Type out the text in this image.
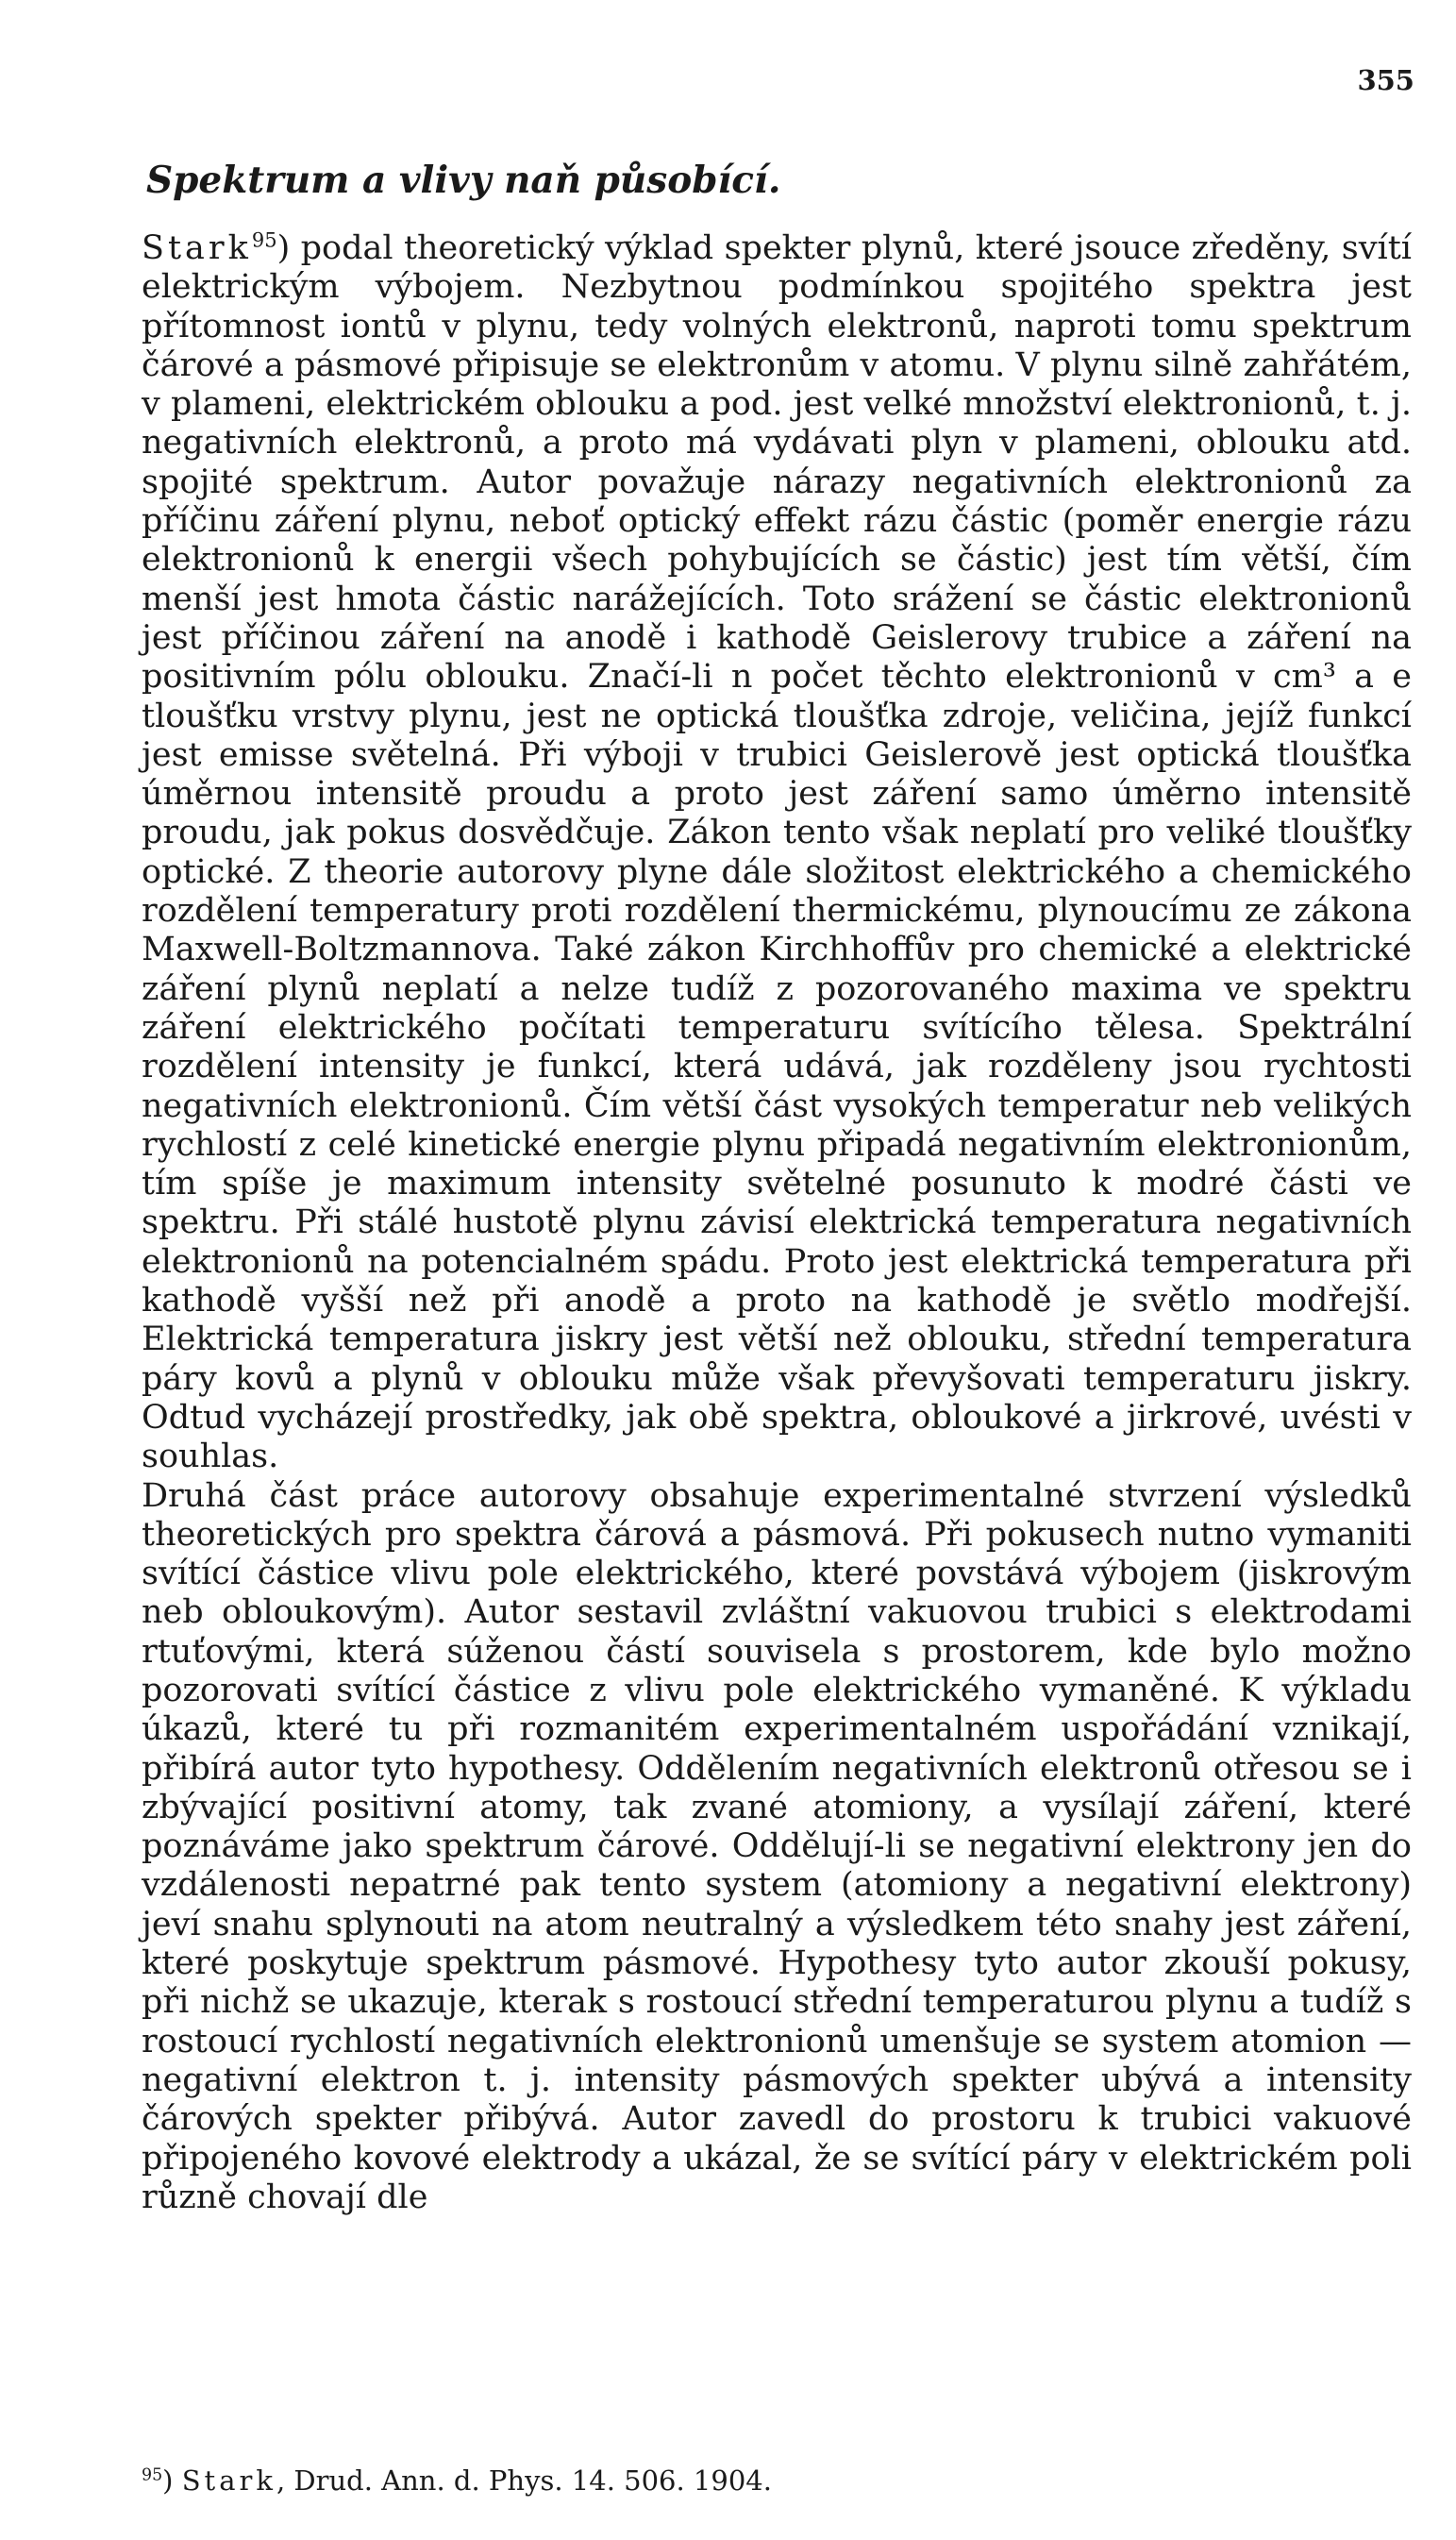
355
Spektrum a vlivy naň působící.

Stark$^{95}$) podal theoretický výklad spekter plynů, které jsouce zředěny, svítí elektrickým výbojem. Nezbytnou podmínkou spojitého spektra jest přítomnost iontů v plynu, tedy volných elektronů, naproti tomu spektrum čárové a pásmové připisuje se elektronům v atomu. V plynu silně zahřátém, v plameni, elektrickém oblouku a pod. jest velké množství elektronionů, t. j. negativních elektronů, a proto má vydávati plyn v plameni, oblouku atd. spojité spektrum. Autor považuje nárazy negativních elektronionů za příčinu záření plynu, neboť optický effekt rázu částic (poměr energie rázu elektronionů k energii všech pohybujících se částic) jest tím větší, čím menší jest hmota částic narážejících. Toto srážení se částic elektronionů jest příčinou záření na anodě i kathodě Geislerovy trubice a záření na positivním pólu oblouku. Značí-li n počet těchto elektronionů v cm³ a e tloušťku vrstvy plynu, jest ne optická tloušťka zdroje, veličina, jejíž funkcí jest emisse světelná. Při výboji v trubici Geislerově jest optická tloušťka úměrnou intensitě proudu a proto jest záření samo úměrno intensitě proudu, jak pokus dosvědčuje. Zákon tento však neplatí pro veliké tloušťky optické. Z theorie autorovy plyne dále složitost elektrického a chemického rozdělení temperatury proti rozdělení thermickému, plynoucímu ze zákona Maxwell-Boltzmannova. Také zákon Kirchhoffův pro chemické a elektrické záření plynů neplatí a nelze tudíž z pozorovaného maxima ve spektru záření elektrického počítati temperaturu svítícího tělesa. Spektrální rozdělení intensity je funkcí, která udává, jak rozděleny jsou rychtosti negativních elektronionů. Čím větší část vysokých temperatur neb velikých rychlostí z celé kinetické energie plynu připadá negativním elektronionům, tím spíše je maximum intensity světelné posunuto k modré části ve spektru. Při stálé hustotě plynu závisí elektrická temperatura negativních elektronionů na potencialném spádu. Proto jest elektrická temperatura při kathodě vyšší než při anodě a proto na kathodě je světlo modřejší. Elektrická temperatura jiskry jest větší než oblouku, střední temperatura páry kovů a plynů v oblouku může však převyšovati temperaturu jiskry. Odtud vycházejí prostředky, jak obě spektra, obloukové a jirkrové, uvésti v souhlas.

Druhá část práce autorovy obsahuje experimentalné stvrzení výsledků theoretických pro spektra čárová a pásmová. Při pokusech nutno vymaniti svítící částice vlivu pole elektrického, které povstává výbojem (jiskrovým neb obloukovým). Autor sestavil zvláštní vakuovou trubici s elektrodami rtuťovými, která súženou částí souvisela s prostorem, kde bylo možno pozorovati svítící částice z vlivu pole elektrického vymaněné. K výkladu úkazů, které tu při rozmanitém experimentalném uspořádání vznikají, přibírá autor tyto hypothesy. Oddělením negativních elektronů otřesou se i zbývající positivní atomy, tak zvané atomiony, a vysílají záření, které poznáváme jako spektrum čárové. Oddělují-li se negativní elektrony jen do vzdálenosti nepatrné pak tento system (atomiony a negativní elektrony) jeví snahu splynouti na atom neutralný a výsledkem této snahy jest záření, které poskytuje spektrum pásmové. Hypothesy tyto autor zkouší pokusy, při nichž se ukazuje, kterak s rostoucí střední temperaturou plynu a tudíž s rostoucí rychlostí negativních elektronionů umenšuje se system atomion — negativní elektron t. j. intensity pásmových spekter ubývá a intensity čárových spekter přibývá. Autor zavedl do prostoru k trubici vakuové připojeného kovové elektrody a ukázal, že se svítící páry v elektrickém poli různě chovají dle

$^{95}$) Stark, Drud. Ann. d. Phys. 14. 506. 1904.
